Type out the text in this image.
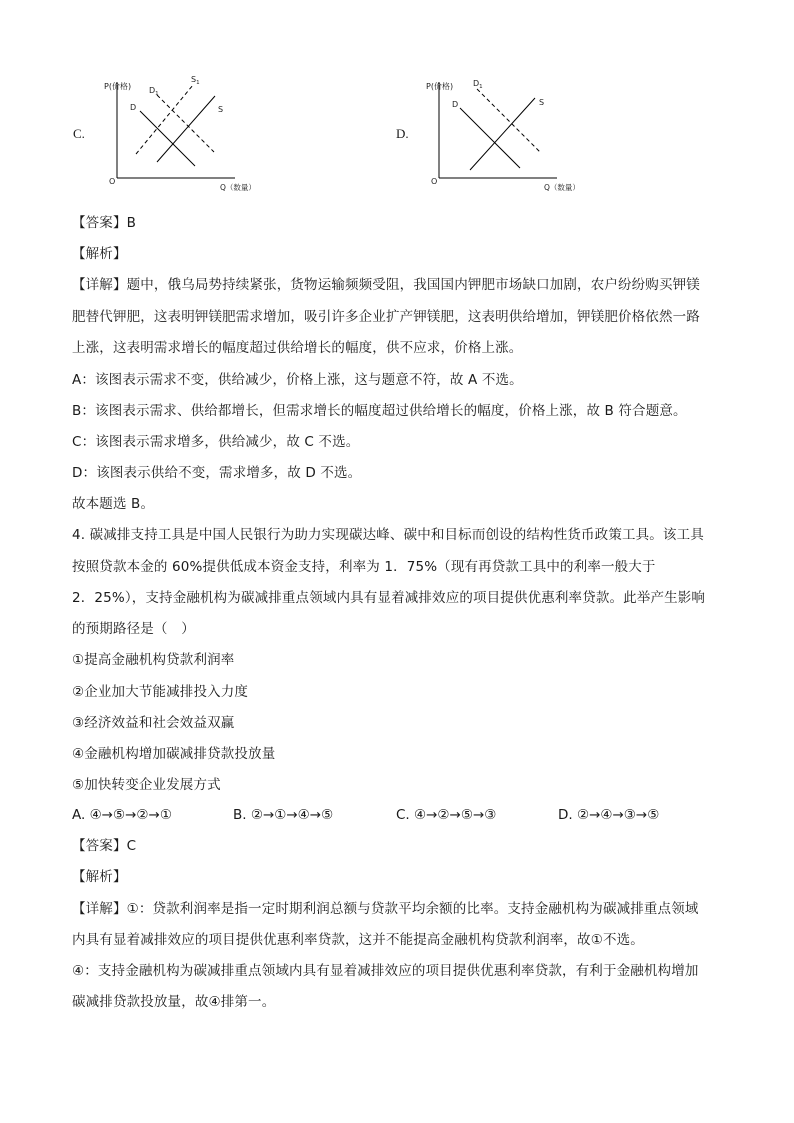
C.
P(价格)
Q（数量）
O
$D_1$
$S_1$
D	S
D.
P(价格)
Q（数量）
O
$D_1$
D	S
【答案】B
【解析】
【详解】题中，俄乌局势持续紧张，货物运输频频受阻，我国国内钾肥市场缺口加剧，农户纷纷购买钾镁
肥替代钾肥，这表明钾镁肥需求增加，吸引许多企业扩产钾镁肥，这表明供给增加，钾镁肥价格依然一路
上涨，这表明需求增长的幅度超过供给增长的幅度，供不应求，价格上涨。
A：该图表示需求不变，供给减少，价格上涨，这与题意不符，故 A 不选。
B：该图表示需求、供给都增长，但需求增长的幅度超过供给增长的幅度，价格上涨，故 B 符合题意。
C：该图表示需求增多，供给减少，故 C 不选。
D：该图表示供给不变，需求增多，故 D 不选。
故本题选 B。
4. 碳减排支持工具是中国人民银行为助力实现碳达峰、碳中和目标而创设的结构性货币政策工具。该工具
按照贷款本金的 60%提供低成本资金支持，利率为 1．75%（现有再贷款工具中的利率一般大于
2．25%），支持金融机构为碳减排重点领域内具有显着减排效应的项目提供优惠利率贷款。此举产生影响
的预期路径是（　）
①提高金融机构贷款利润率
②企业加大节能减排投入力度
③经济效益和社会效益双赢
④金融机构增加碳减排贷款投放量
⑤加快转变企业发展方式
A. ④→⑤→②→①	B. ②→①→④→⑤	C. ④→②→⑤→③	D. ②→④→③→⑤
【答案】C
【解析】
【详解】①：贷款利润率是指一定时期利润总额与贷款平均余额的比率。支持金融机构为碳减排重点领域
内具有显着减排效应的项目提供优惠利率贷款，这并不能提高金融机构贷款利润率，故①不选。
④：支持金融机构为碳减排重点领域内具有显着减排效应的项目提供优惠利率贷款，有利于金融机构增加
碳减排贷款投放量，故④排第一。
